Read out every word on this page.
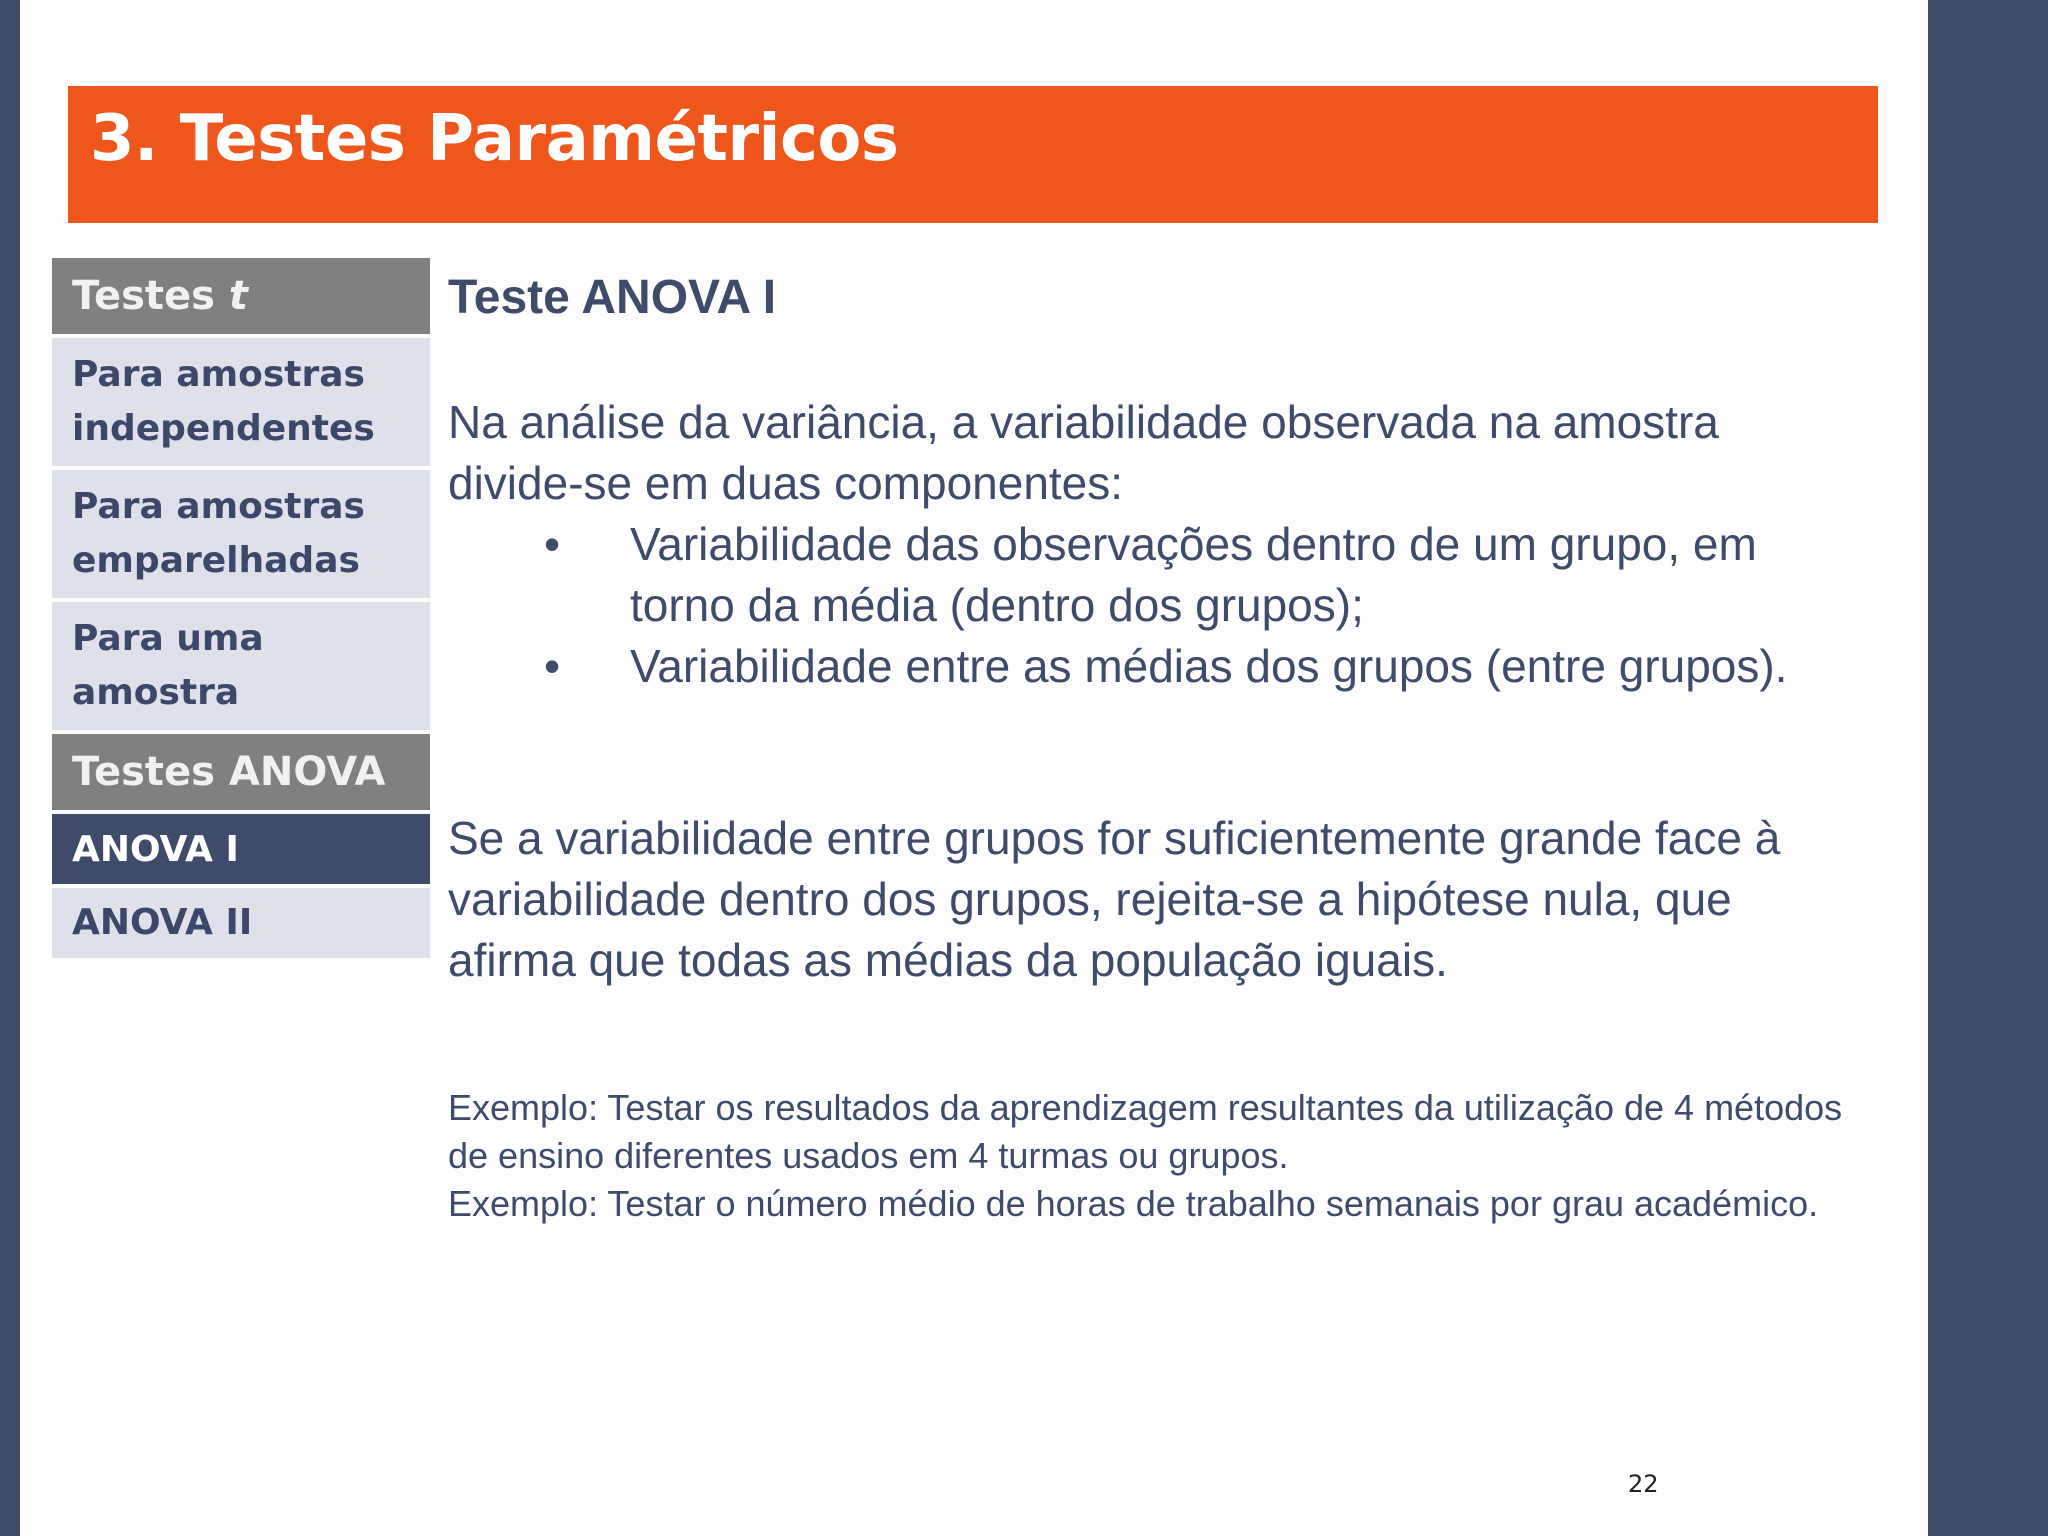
3. Testes Paramétricos
Testes
t
Para amostras independentes
Para amostras emparelhadas
Para uma amostra
Testes ANOVA
ANOVA I
ANOVA II
Teste ANOVA I
Na análise da variância, a variabilidade observada na amostra divide-se em duas componentes:
• Variabilidade das observações dentro de um grupo, em torno da média (dentro dos grupos);
• Variabilidade entre as médias dos grupos (entre grupos).
Se a variabilidade entre grupos for suficientemente grande face à variabilidade dentro dos grupos, rejeita-se a hipótese nula, que afirma que todas as médias da população iguais.
Exemplo: Testar os resultados da aprendizagem resultantes da utilização de 4 métodos de ensino diferentes usados em 4 turmas ou grupos.
Exemplo: Testar o número médio de horas de trabalho semanais por grau académico.
22
